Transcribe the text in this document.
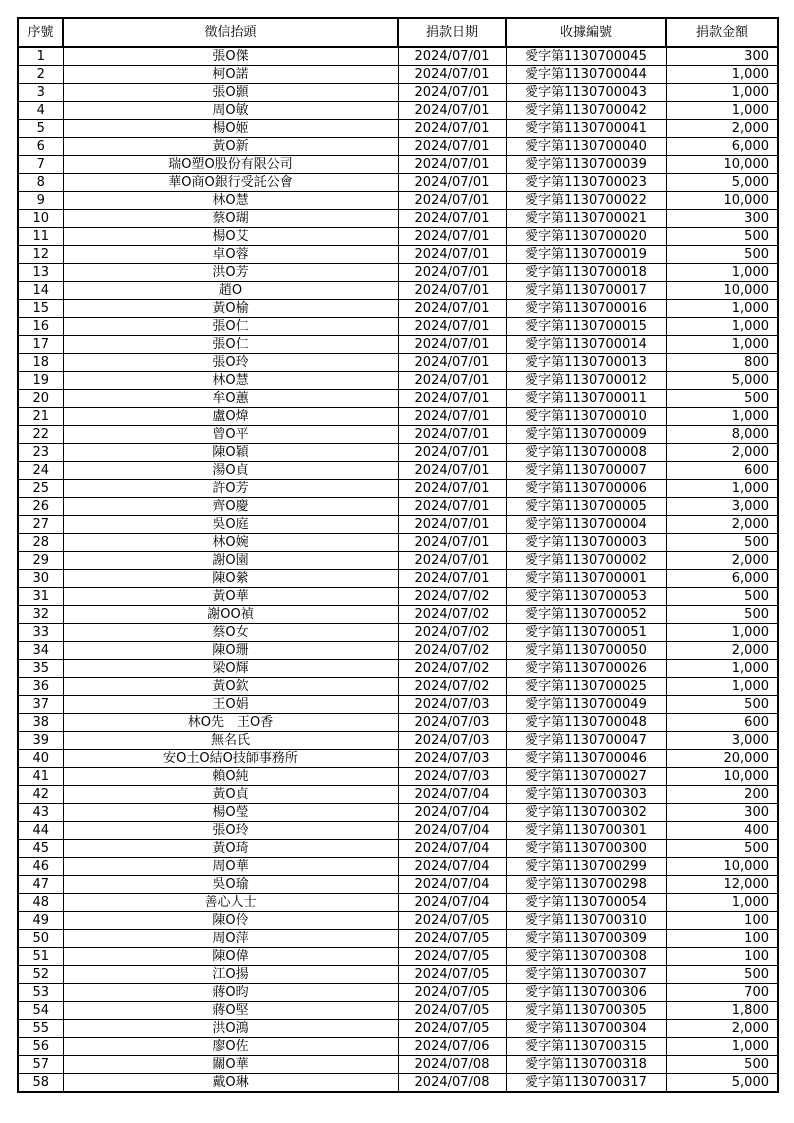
序號	徵信抬頭	捐款日期	收據編號	捐款金額
1	張O傑	2024/07/01	愛字第1130700045	300
2	柯O諾	2024/07/01	愛字第1130700044	1,000
3	張O顥	2024/07/01	愛字第1130700043	1,000
4	周O敏	2024/07/01	愛字第1130700042	1,000
5	楊O姬	2024/07/01	愛字第1130700041	2,000
6	黃O新	2024/07/01	愛字第1130700040	6,000
7	瑞O塑O股份有限公司	2024/07/01	愛字第1130700039	10,000
8	華O商O銀行受託公會	2024/07/01	愛字第1130700023	5,000
9	林O慧	2024/07/01	愛字第1130700022	10,000
10	蔡O瑚	2024/07/01	愛字第1130700021	300
11	楊O艾	2024/07/01	愛字第1130700020	500
12	卓O蓉	2024/07/01	愛字第1130700019	500
13	洪O芳	2024/07/01	愛字第1130700018	1,000
14	趙O	2024/07/01	愛字第1130700017	10,000
15	黃O榆	2024/07/01	愛字第1130700016	1,000
16	張O仁	2024/07/01	愛字第1130700015	1,000
17	張O仁	2024/07/01	愛字第1130700014	1,000
18	張O玲	2024/07/01	愛字第1130700013	800
19	林O慧	2024/07/01	愛字第1130700012	5,000
20	牟O蕙	2024/07/01	愛字第1130700011	500
21	盧O煒	2024/07/01	愛字第1130700010	1,000
22	曾O平	2024/07/01	愛字第1130700009	8,000
23	陳O穎	2024/07/01	愛字第1130700008	2,000
24	湯O貞	2024/07/01	愛字第1130700007	600
25	許O芳	2024/07/01	愛字第1130700006	1,000
26	齊O慶	2024/07/01	愛字第1130700005	3,000
27	吳O庭	2024/07/01	愛字第1130700004	2,000
28	林O婉	2024/07/01	愛字第1130700003	500
29	謝O園	2024/07/01	愛字第1130700002	2,000
30	陳O縈	2024/07/01	愛字第1130700001	6,000
31	黃O華	2024/07/02	愛字第1130700053	500
32	謝OO禎	2024/07/02	愛字第1130700052	500
33	蔡O女	2024/07/02	愛字第1130700051	1,000
34	陳O珊	2024/07/02	愛字第1130700050	2,000
35	梁O輝	2024/07/02	愛字第1130700026	1,000
36	黃O欽	2024/07/02	愛字第1130700025	1,000
37	王O娟	2024/07/03	愛字第1130700049	500
38	林O先　王O香	2024/07/03	愛字第1130700048	600
39	無名氏	2024/07/03	愛字第1130700047	3,000
40	安O土O結O技師事務所	2024/07/03	愛字第1130700046	20,000
41	賴O純	2024/07/03	愛字第1130700027	10,000
42	黃O貞	2024/07/04	愛字第1130700303	200
43	楊O瑩	2024/07/04	愛字第1130700302	300
44	張O玲	2024/07/04	愛字第1130700301	400
45	黃O琦	2024/07/04	愛字第1130700300	500
46	周O華	2024/07/04	愛字第1130700299	10,000
47	吳O瑜	2024/07/04	愛字第1130700298	12,000
48	善心人士	2024/07/04	愛字第1130700054	1,000
49	陳O伶	2024/07/05	愛字第1130700310	100
50	周O萍	2024/07/05	愛字第1130700309	100
51	陳O偉	2024/07/05	愛字第1130700308	100
52	江O揚	2024/07/05	愛字第1130700307	500
53	蔣O昀	2024/07/05	愛字第1130700306	700
54	蔣O堅	2024/07/05	愛字第1130700305	1,800
55	洪O鴻	2024/07/05	愛字第1130700304	2,000
56	廖O佐	2024/07/06	愛字第1130700315	1,000
57	關O華	2024/07/08	愛字第1130700318	500
58	戴O琳	2024/07/08	愛字第1130700317	5,000
